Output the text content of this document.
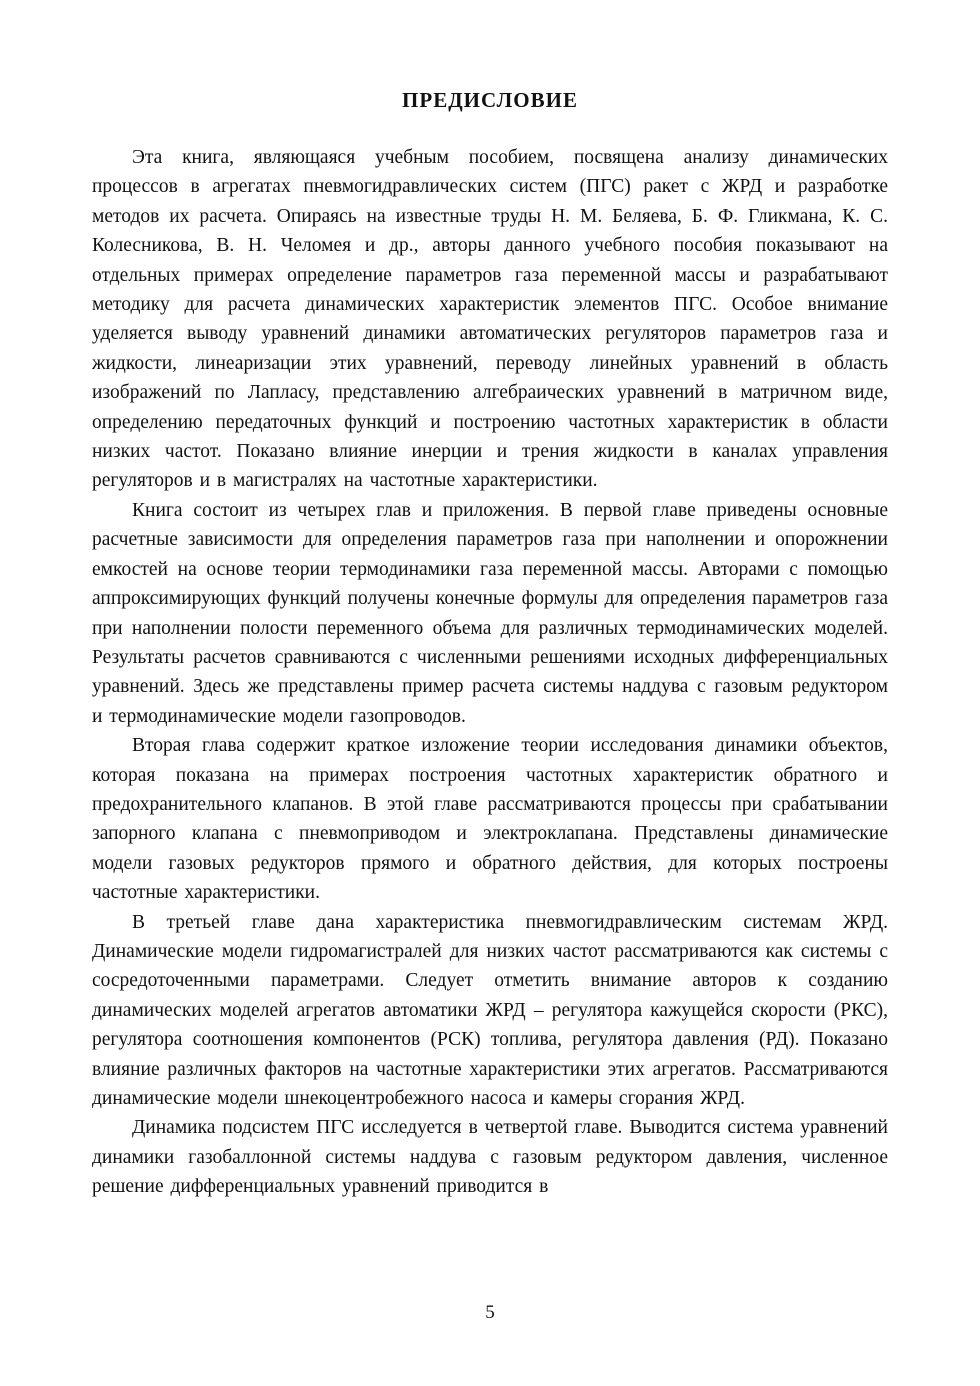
ПРЕДИСЛОВИЕ

Эта книга, являющаяся учебным пособием, посвящена анализу динамических процессов в агрегатах пневмогидравлических систем (ПГС) ракет с ЖРД и разработке методов их расчета. Опираясь на известные труды Н. М. Беляева, Б. Ф. Гликмана, К. С. Колесникова, В. Н. Челомея и др., авторы данного учебного пособия показывают на отдельных примерах определение параметров газа переменной массы и разрабатывают методику для расчета динамических характеристик элементов ПГС. Особое внимание уделяется выводу уравнений динамики автоматических регуляторов параметров газа и жидкости, линеаризации этих уравнений, переводу линейных уравнений в область изображений по Лапласу, представлению алгебраических уравнений в матричном виде, определению передаточных функций и построению частотных характеристик в области низких частот. Показано влияние инерции и трения жидкости в каналах управления регуляторов и в магистралях на частотные характеристики.

Книга состоит из четырех глав и приложения. В первой главе приведены основные расчетные зависимости для определения параметров газа при наполнении и опорожнении емкостей на основе теории термодинамики газа переменной массы. Авторами с помощью аппроксимирующих функций получены конечные формулы для определения параметров газа при наполнении полости переменного объема для различных термодинамических моделей. Результаты расчетов сравниваются с численными решениями исходных дифференциальных уравнений. Здесь же представлены пример расчета системы наддува с газовым редуктором и термодинамические модели газопроводов.

Вторая глава содержит краткое изложение теории исследования динамики объектов, которая показана на примерах построения частотных характеристик обратного и предохранительного клапанов. В этой главе рассматриваются процессы при срабатывании запорного клапана с пневмоприводом и электроклапана. Представлены динамические модели газовых редукторов прямого и обратного действия, для которых построены частотные характеристики.

В третьей главе дана характеристика пневмогидравлическим системам ЖРД. Динамические модели гидромагистралей для низких частот рассматриваются как системы с сосредоточенными параметрами. Следует отметить внимание авторов к созданию динамических моделей агрегатов автоматики ЖРД – регулятора кажущейся скорости (РКС), регулятора соотношения компонентов (РСК) топлива, регулятора давления (РД). Показано влияние различных факторов на частотные характеристики этих агрегатов. Рассматриваются динамические модели шнекоцентробежного насоса и камеры сгорания ЖРД.

Динамика подсистем ПГС исследуется в четвертой главе. Выводится система уравнений динамики газобаллонной системы наддува с газовым редуктором давления, численное решение дифференциальных уравнений приводится в

5
